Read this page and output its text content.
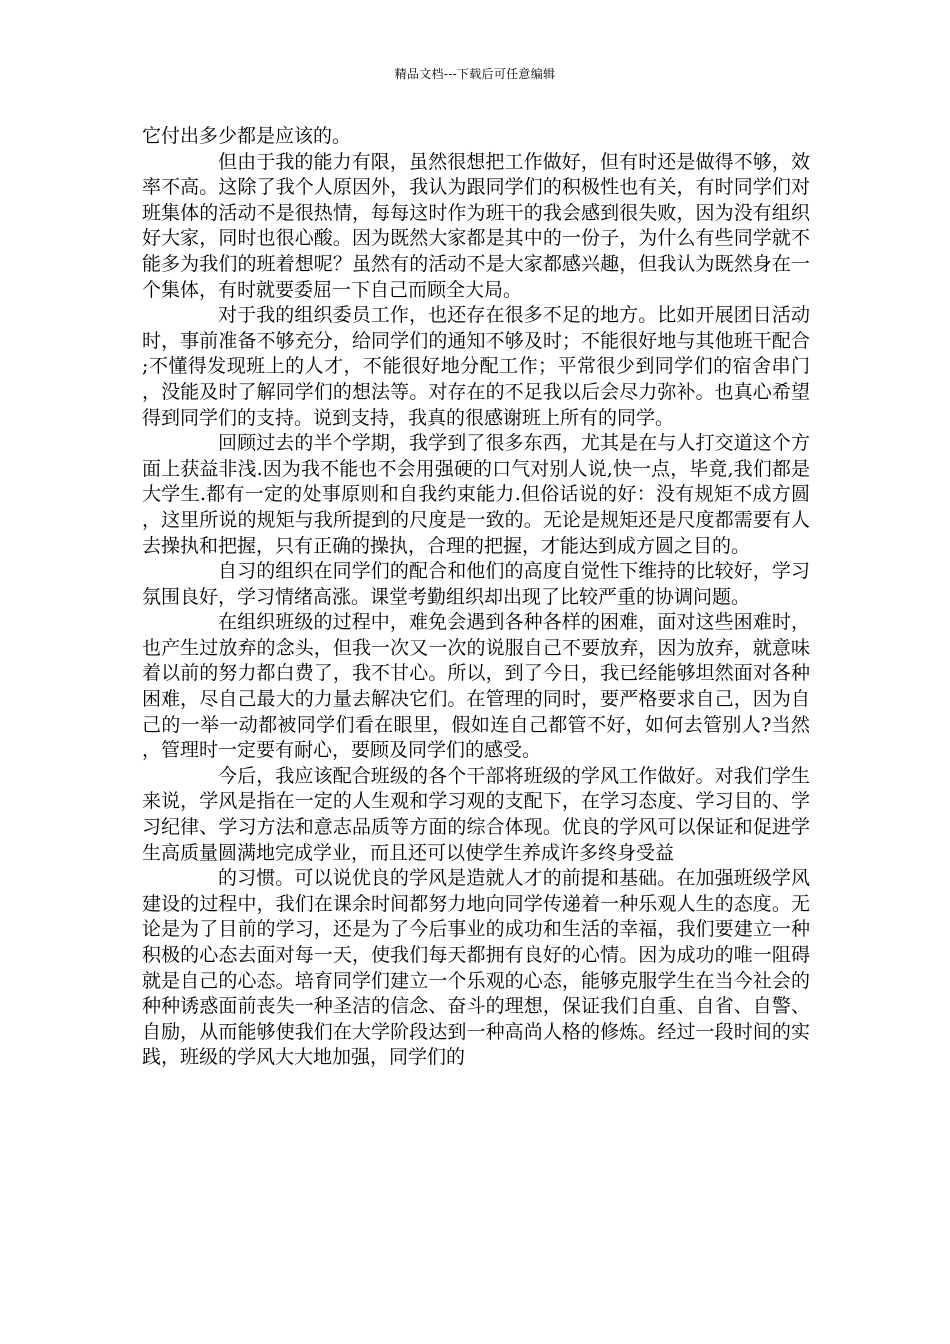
精品文档---下载后可任意编辑

它付出多少都是应该的。

但由于我的能力有限，虽然很想把工作做好，但有时还是做得不够，效率不高。这除了我个人原因外，我认为跟同学们的积极性也有关，有时同学们对班集体的活动不是很热情，每每这时作为班干的我会感到很失败，因为没有组织好大家，同时也很心酸。因为既然大家都是其中的一份子，为什么有些同学就不能多为我们的班着想呢？虽然有的活动不是大家都感兴趣，但我认为既然身在一个集体，有时就要委屈一下自己而顾全大局。

对于我的组织委员工作，也还存在很多不足的地方。比如开展团日活动时，事前准备不够充分，给同学们的通知不够及时；不能很好地与其他班干配合;不懂得发现班上的人才，不能很好地分配工作；平常很少到同学们的宿舍串门，没能及时了解同学们的想法等。对存在的不足我以后会尽力弥补。也真心希望得到同学们的支持。说到支持，我真的很感谢班上所有的同学。

回顾过去的半个学期，我学到了很多东西，尤其是在与人打交道这个方面上获益非浅.因为我不能也不会用强硬的口气对别人说,快一点，毕竟,我们都是大学生.都有一定的处事原则和自我约束能力.但俗话说的好：没有规矩不成方圆，这里所说的规矩与我所提到的尺度是一致的。无论是规矩还是尺度都需要有人去操执和把握，只有正确的操执，合理的把握，才能达到成方圆之目的。

自习的组织在同学们的配合和他们的高度自觉性下维持的比较好，学习氛围良好，学习情绪高涨。课堂考勤组织却出现了比较严重的协调问题。

在组织班级的过程中，难免会遇到各种各样的困难，面对这些困难时，也产生过放弃的念头，但我一次又一次的说服自己不要放弃，因为放弃，就意味着以前的努力都白费了，我不甘心。所以，到了今日，我已经能够坦然面对各种困难，尽自己最大的力量去解决它们。在管理的同时，要严格要求自己，因为自己的一举一动都被同学们看在眼里，假如连自己都管不好，如何去管别人?当然，管理时一定要有耐心，要顾及同学们的感受。

今后，我应该配合班级的各个干部将班级的学风工作做好。对我们学生来说，学风是指在一定的人生观和学习观的支配下，在学习态度、学习目的、学习纪律、学习方法和意志品质等方面的综合体现。优良的学风可以保证和促进学生高质量圆满地完成学业，而且还可以使学生养成许多终身受益

的习惯。可以说优良的学风是造就人才的前提和基础。在加强班级学风建设的过程中，我们在课余时间都努力地向同学传递着一种乐观人生的态度。无论是为了目前的学习，还是为了今后事业的成功和生活的幸福，我们要建立一种积极的心态去面对每一天，使我们每天都拥有良好的心情。因为成功的唯一阻碍就是自己的心态。培育同学们建立一个乐观的心态，能够克服学生在当今社会的种种诱惑面前丧失一种圣洁的信念、奋斗的理想，保证我们自重、自省、自警、自励，从而能够使我们在大学阶段达到一种高尚人格的修炼。经过一段时间的实践，班级的学风大大地加强，同学们的
